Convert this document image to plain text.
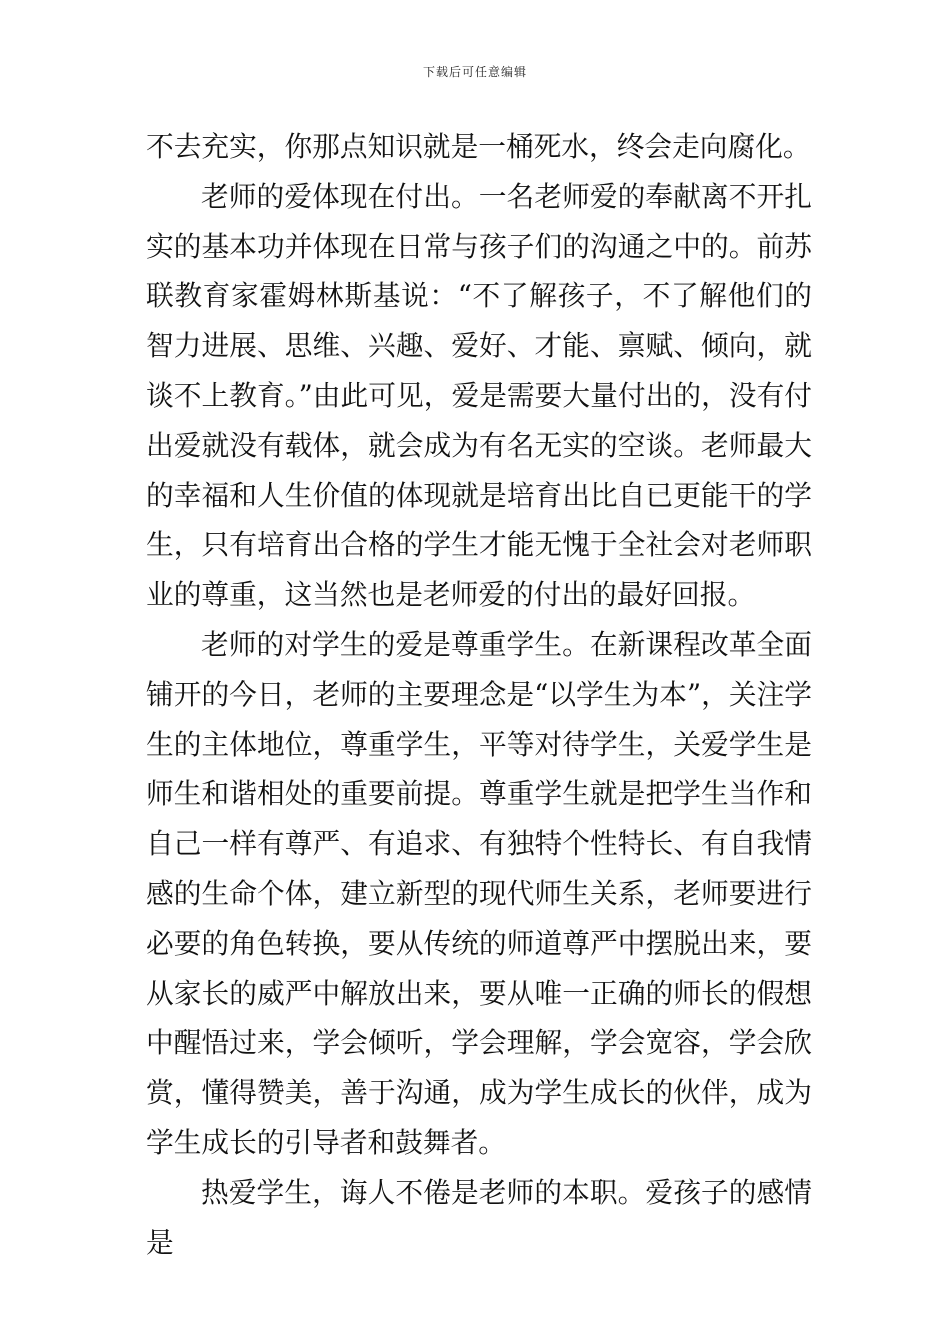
下载后可任意编辑

不去充实，你那点知识就是一桶死水，终会走向腐化。

老师的爱体现在付出。一名老师爱的奉献离不开扎实的基本功并体现在日常与孩子们的沟通之中的。前苏联教育家霍姆林斯基说：“不了解孩子，不了解他们的智力进展、思维、兴趣、爱好、才能、禀赋、倾向，就谈不上教育。”由此可见，爱是需要大量付出的，没有付出爱就没有载体，就会成为有名无实的空谈。老师最大的幸福和人生价值的体现就是培育出比自已更能干的学生，只有培育出合格的学生才能无愧于全社会对老师职业的尊重，这当然也是老师爱的付出的最好回报。

老师的对学生的爱是尊重学生。在新课程改革全面铺开的今日，老师的主要理念是“以学生为本”，关注学生的主体地位，尊重学生，平等对待学生，关爱学生是师生和谐相处的重要前提。尊重学生就是把学生当作和自己一样有尊严、有追求、有独特个性特长、有自我情感的生命个体，建立新型的现代师生关系，老师要进行必要的角色转换，要从传统的师道尊严中摆脱出来，要从家长的威严中解放出来，要从唯一正确的师长的假想中醒悟过来，学会倾听，学会理解，学会宽容，学会欣赏，懂得赞美，善于沟通，成为学生成长的伙伴，成为学生成长的引导者和鼓舞者。

热爱学生，诲人不倦是老师的本职。爱孩子的感情是
